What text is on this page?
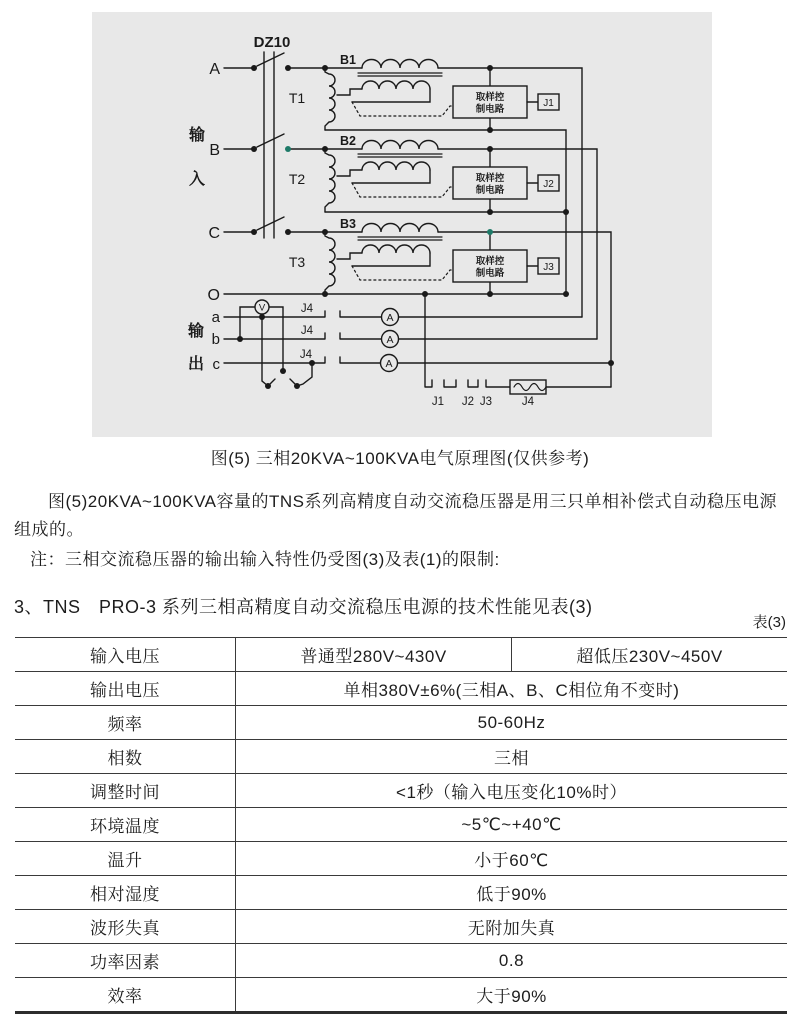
DZ10
输
入
输
出
A
B
C
O
a
b
c
T1
T2
T3
B1
B2
B3
取样控
制电路
取样控
制电路
取样控
制电路
J1
J2
J3
J4
J4
J4
V
A
A
A
J1 J2 J3	J4
图(5) 三相20KVA~100KVA电气原理图(仅供参考)
图(5)20KVA~100KVA容量的TNS系列高精度自动交流稳压器是用三只单相补偿式自动稳压电源组成的。
注：三相交流稳压器的输出输入特性仍受图(3)及表(1)的限制:
3、TNS　PRO-3 系列三相高精度自动交流稳压电源的技术性能见表(3)
表(3)
输入电压	普通型280V~430V	超低压230V~450V
输出电压	单相380V±6%(三相A、B、C相位角不变时)
频率	50-60Hz
相数	三相
调整时间	<1秒（输入电压变化10%时）
环境温度	~5℃~+40℃
温升	小于60℃
相对湿度	低于90%
波形失真	无附加失真
功率因素	0.8
效率	大于90%
